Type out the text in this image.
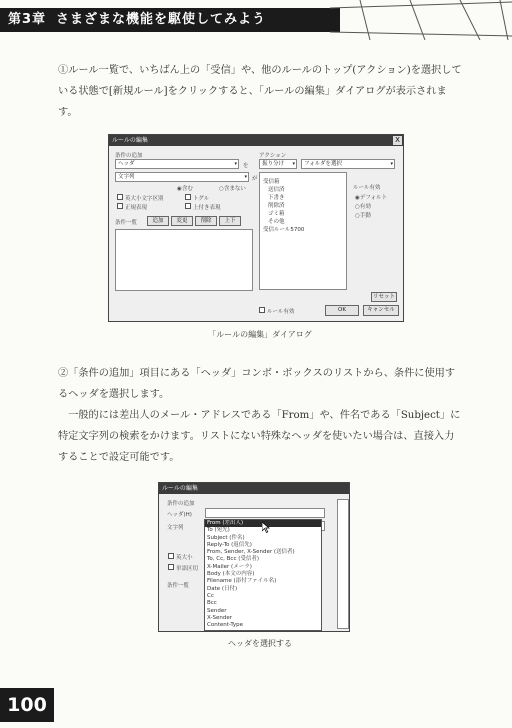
第3章 さまざまな機能を駆使してみよう
①ルール一覧で、いちばん上の「受信」や、他のルールのトップ(アクション)を選択している状態で[新規ルール]をクリックすると、「ルールの編集」ダイアログが表示されます。
ルールの編集	X
条件の追加
ヘッダ	▾ を
文字列	▾ が
◉含む	○含まない
英大小文字区別	トグル
正規表現	上付き表現
条件一覧	追加	変更	削除	上下
アクション
振り分け ▾	フォルダを選択	▾
受信箱
送信済
下書き
削除済
ゴミ箱
その他
受信ルール5700
ルール有効
◉デフォルト
○有効
○手動
リセット
ルール有効	OK	キャンセル
「ルールの編集」ダイアログ
②「条件の追加」項目にある「ヘッダ」コンボ・ボックスのリストから、条件に使用するヘッダを選択します。
一般的には差出人のメール・アドレスである「From」や、件名である「Subject」に特定文字列の検索をかけます。リストにない特殊なヘッダを使いたい場合は、直接入力することで設定可能です。
ルールの編集
条件の追加
ヘッダ(H)
文字列
英大小
単語区切
条件一覧
From (差出人)
To (宛先)
Subject (件名)
Reply-To (返信先)
From, Sender, X-Sender (送信者)
To, Cc, Bcc (受信者)
X-Mailer (メーラ)
Body (本文の内容)
Filename (添付ファイル名)
Date (日付)
Cc
Bcc
Sender
X-Sender
Content-Type
ヘッダを選択する
100
